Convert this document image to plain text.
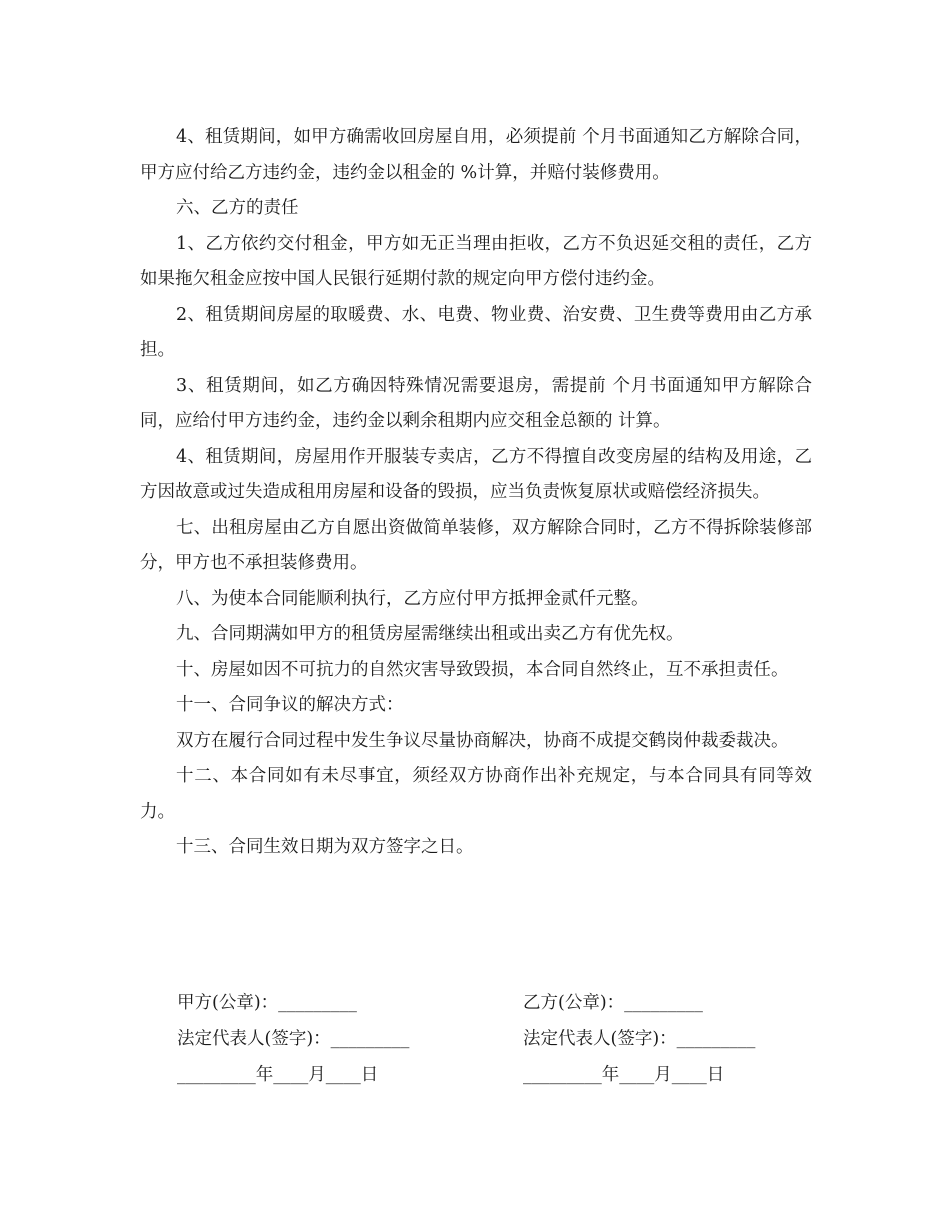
4、租赁期间，如甲方确需收回房屋自用，必须提前 个月书面通知乙方解除合同，甲方应付给乙方违约金，违约金以租金的 %计算，并赔付装修费用。

六、乙方的责任

1、乙方依约交付租金，甲方如无正当理由拒收，乙方不负迟延交租的责任，乙方如果拖欠租金应按中国人民银行延期付款的规定向甲方偿付违约金。

2、租赁期间房屋的取暖费、水、电费、物业费、治安费、卫生费等费用由乙方承担。

3、租赁期间，如乙方确因特殊情况需要退房，需提前 个月书面通知甲方解除合同，应给付甲方违约金，违约金以剩余租期内应交租金总额的 计算。

4、租赁期间，房屋用作开服装专卖店，乙方不得擅自改变房屋的结构及用途，乙方因故意或过失造成租用房屋和设备的毁损，应当负责恢复原状或赔偿经济损失。

七、出租房屋由乙方自愿出资做简单装修，双方解除合同时，乙方不得拆除装修部分，甲方也不承担装修费用。

八、为使本合同能顺利执行，乙方应付甲方抵押金贰仟元整。

九、合同期满如甲方的租赁房屋需继续出租或出卖乙方有优先权。

十、房屋如因不可抗力的自然灾害导致毁损，本合同自然终止，互不承担责任。

十一、合同争议的解决方式：

双方在履行合同过程中发生争议尽量协商解决，协商不成提交鹤岗仲裁委裁决。

十二、本合同如有未尽事宜，须经双方协商作出补充规定，与本合同具有同等效力。

十三、合同生效日期为双方签字之日。

甲方(公章)：_________	乙方(公章)：_________
法定代表人(签字)：_________	法定代表人(签字)：_________
_________年____月____日	_________年____月____日
